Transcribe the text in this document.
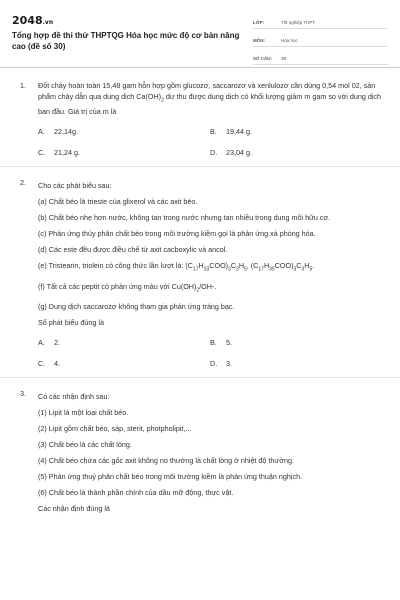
2048.vn
Tổng hợp đề thi thử THPTQG Hóa học mức độ cơ bản nâng cao (đề số 30)
LỚP:	Tốt nghiệp THPT
MÔN:	Hóa học
SỐ CÂU:	39
1.	Đốt cháy hoàn toàn 15,48 gam hỗn hợp gồm glucozơ, saccarozơ và xenlulozơ cần dùng 0,54 mol 02, sản phẩm cháy dẫn qua dung dịch $Ca(OH)_2$ dư thu được dung dịch có khối lượng giảm m gam so với dung dịch ban đầu. Giá trị của m là
A.	22,14g.	B.	19,44 g.
C.	21,24 g.	D.	23,04 g.
2.	Cho các phát biểu sau:
(a) Chất béo là trieste của glixerol và các axit béo.
(b) Chất béo nhẹ hơn nước, không tan trong nước nhưng tan nhiều trong dung môi hữu cơ.
(c) Phản ứng thủy phân chất béo trong môi trường kiềm gọi là phản ứng xà phòng hóa.
(d) Các este đều được điều chế từ axit cacboxylic và ancol.
(e) Tristearin, triolein có công thức lần lượt là: $(C_{17}H_{33}COO)_3C_3H_5$, $(C_{17}H_{35}COO)_3C_3H_5$.
(f) Tất cả các peptit có phản ứng màu với $Cu(OH)_2/OH-$.
(g) Dung dịch saccarozơ không tham gia phản ứng tráng bạc.
Số phát biểu đúng là
A.	2.	B.	5.
C.	4.	D.	3.
3.	Có các nhận định sau:
(1) Lipit là một loại chất béo.
(2) Lipit gồm chất béo, sáp, sterit, photpholipit,...
(3) Chất béo là các chất lỏng.
(4) Chất béo chứa các gốc axit không no thường là chất lỏng ở nhiệt độ thường.
(5) Phản ứng thuỷ phân chất béo trong môi trường kiềm là phản ứng thuận nghịch.
(6) Chất béo là thành phần chính của dầu mỡ động, thực vật.
Các nhận định đúng là
